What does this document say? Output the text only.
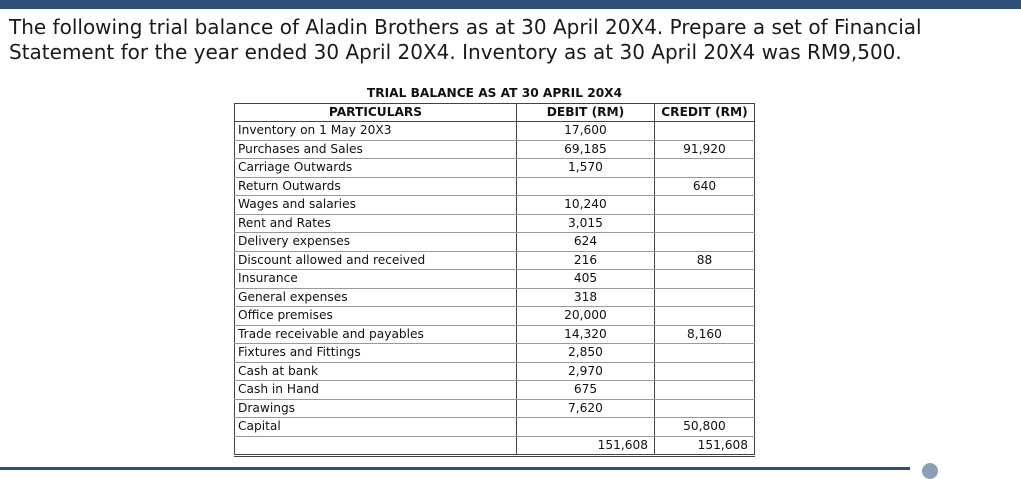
The following trial balance of Aladin Brothers as at 30 April 20X4. Prepare a set of Financial
Statement for the year ended 30 April 20X4. Inventory as at 30 April 20X4 was RM9,500.

TRIAL BALANCE AS AT 30 APRIL 20X4		
PARTICULARS	DEBIT (RM)	CREDIT (RM)
Inventory on 1 May 20X3	17,600	
Purchases and Sales	69,185	91,920
Carriage Outwards	1,570	
Return Outwards		640
Wages and salaries	10,240	
Rent and Rates	3,015	
Delivery expenses	624	
Discount allowed and received	216	88
Insurance	405	
General expenses	318	
Office premises	20,000	
Trade receivable and payables	14,320	8,160
Fixtures and Fittings	2,850	
Cash at bank	2,970	
Cash in Hand	675	
Drawings	7,620	
Capital		50,800
	151,608	151,608
